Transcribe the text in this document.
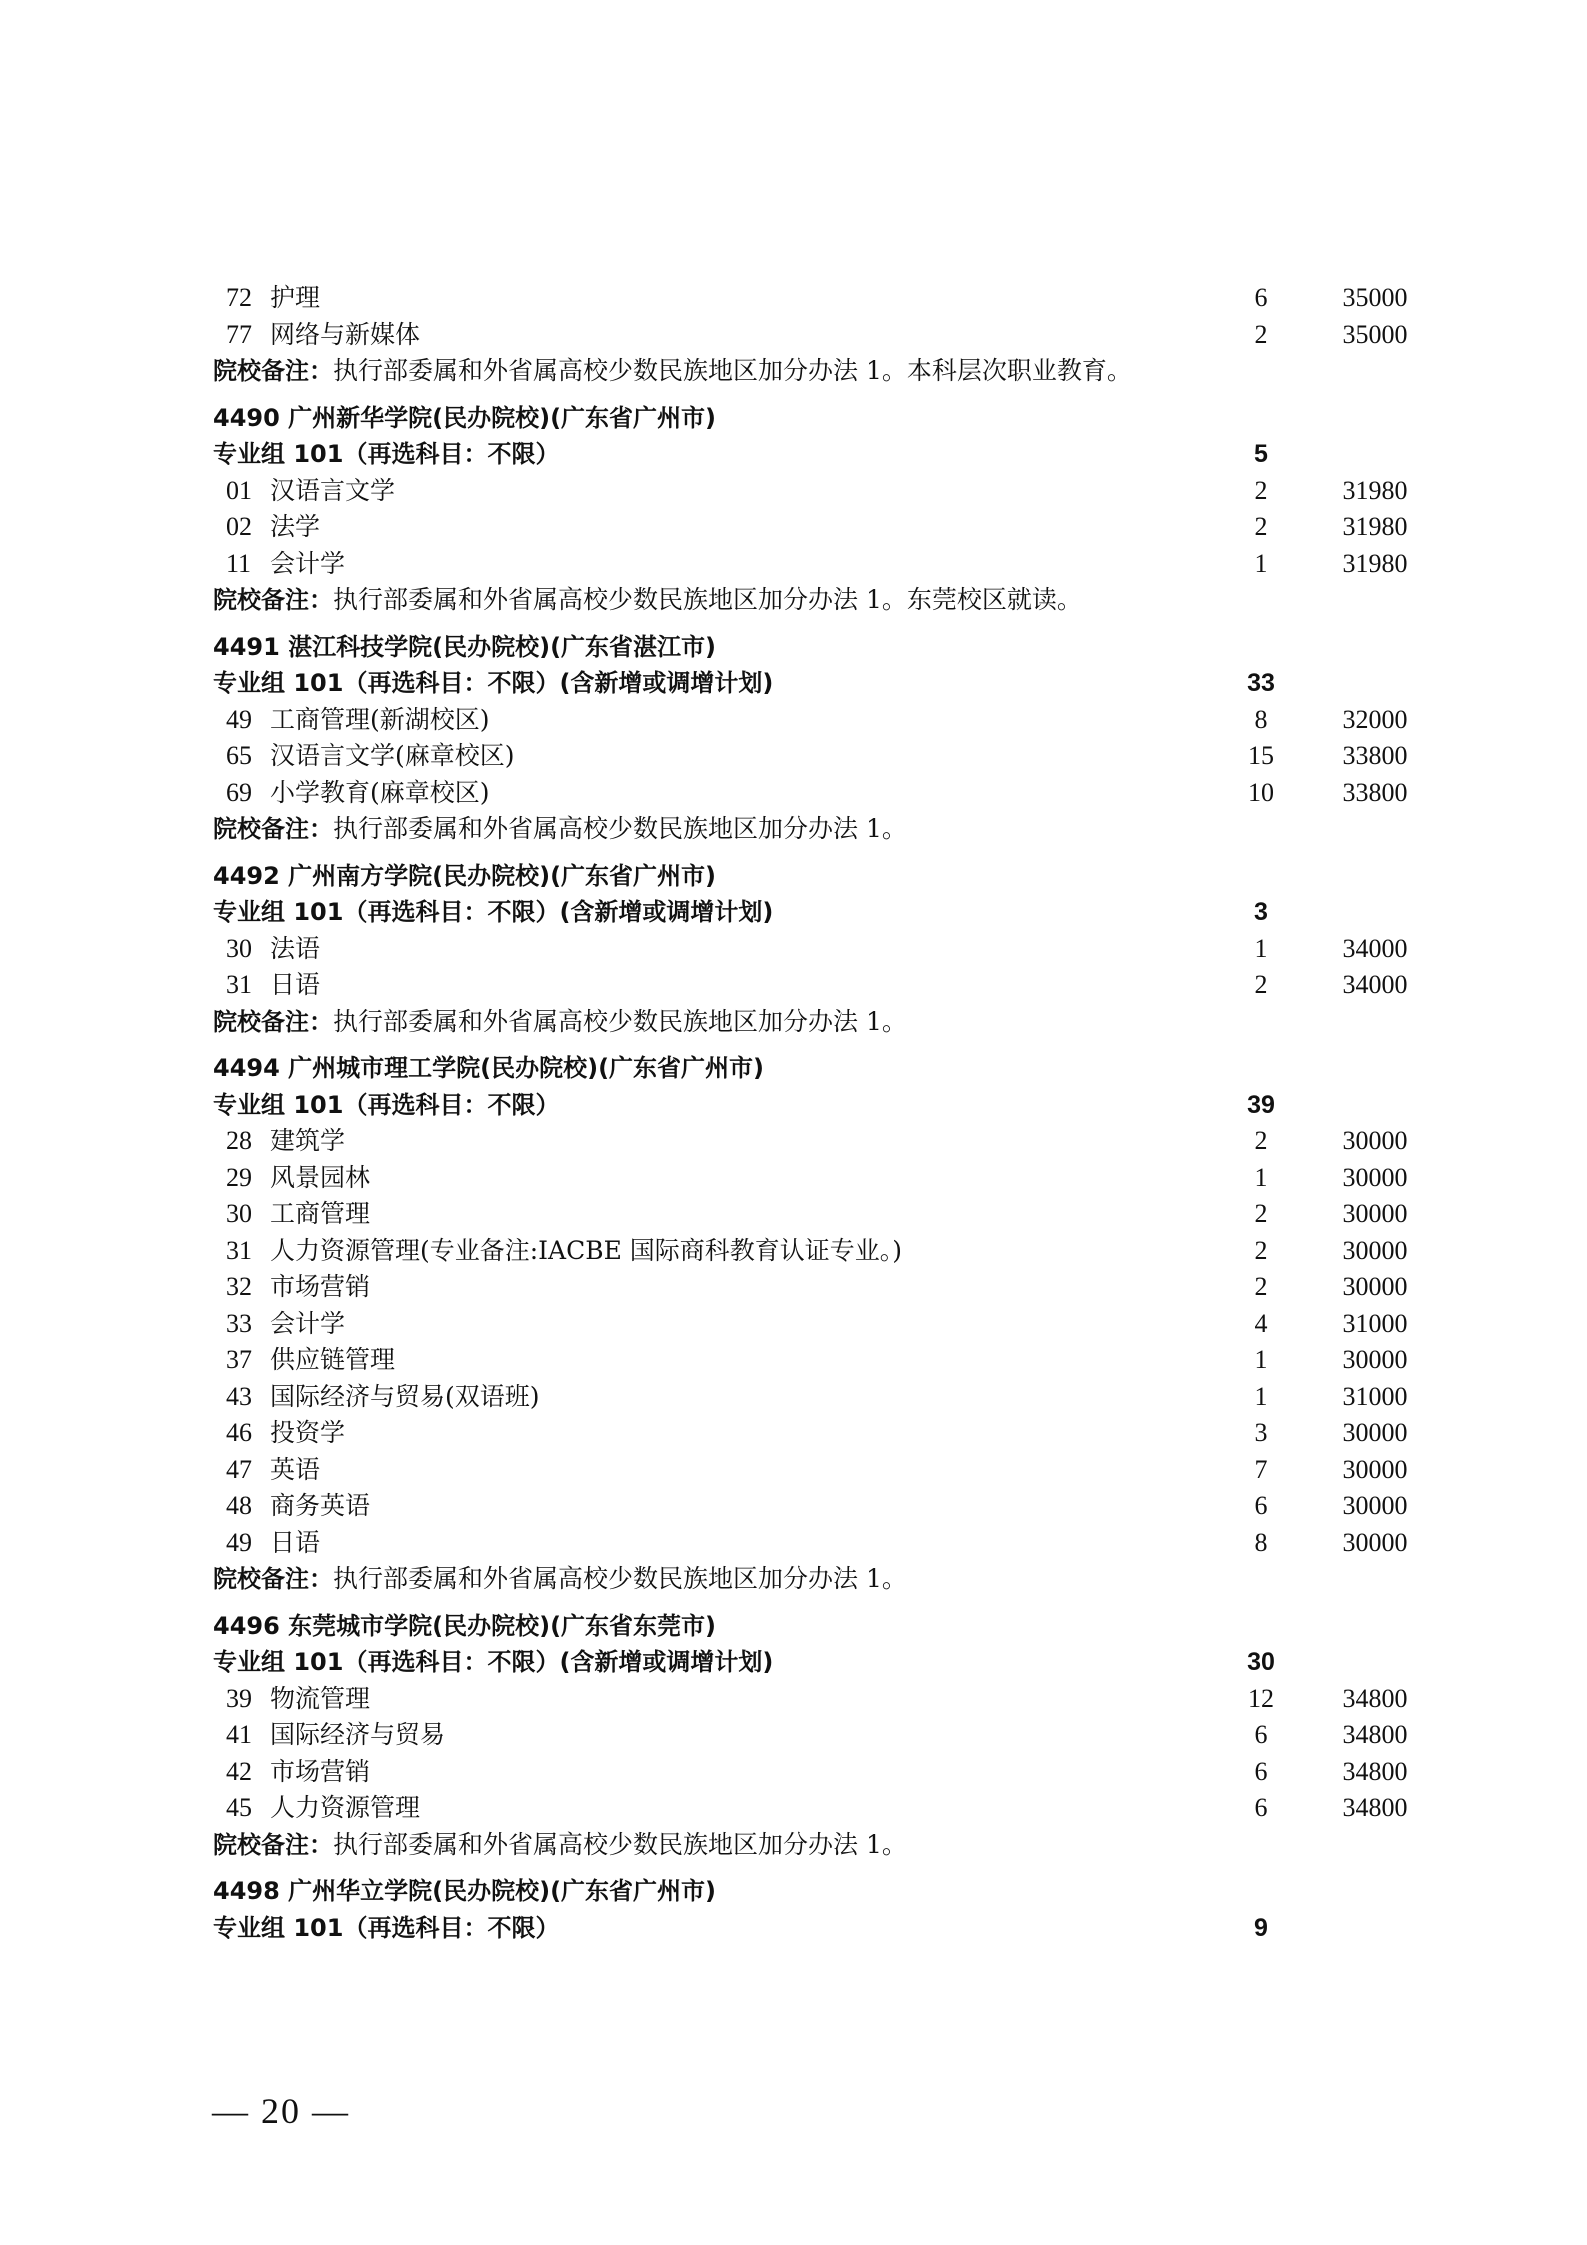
72 护理	6	35000
77 网络与新媒体	2	35000
院校备注：执行部委属和外省属高校少数民族地区加分办法 1。本科层次职业教育。
4490 广州新华学院(民办院校)(广东省广州市)
专业组 101（再选科目：不限）	5
01 汉语言文学	2	31980
02 法学	2	31980
11 会计学	1	31980
院校备注：执行部委属和外省属高校少数民族地区加分办法 1。东莞校区就读。
4491 湛江科技学院(民办院校)(广东省湛江市)
专业组 101（再选科目：不限）(含新增或调增计划)	33
49 工商管理(新湖校区)	8	32000
65 汉语言文学(麻章校区)	15	33800
69 小学教育(麻章校区)	10	33800
院校备注：执行部委属和外省属高校少数民族地区加分办法 1。
4492 广州南方学院(民办院校)(广东省广州市)
专业组 101（再选科目：不限）(含新增或调增计划)	3
30 法语	1	34000
31 日语	2	34000
院校备注：执行部委属和外省属高校少数民族地区加分办法 1。
4494 广州城市理工学院(民办院校)(广东省广州市)
专业组 101（再选科目：不限）	39
28 建筑学	2	30000
29 风景园林	1	30000
30 工商管理	2	30000
31 人力资源管理(专业备注:IACBE 国际商科教育认证专业。)	2	30000
32 市场营销	2	30000
33 会计学	4	31000
37 供应链管理	1	30000
43 国际经济与贸易(双语班)	1	31000
46 投资学	3	30000
47 英语	7	30000
48 商务英语	6	30000
49 日语	8	30000
院校备注：执行部委属和外省属高校少数民族地区加分办法 1。
4496 东莞城市学院(民办院校)(广东省东莞市)
专业组 101（再选科目：不限）(含新增或调增计划)	30
39 物流管理	12	34800
41 国际经济与贸易	6	34800
42 市场营销	6	34800
45 人力资源管理	6	34800
院校备注：执行部委属和外省属高校少数民族地区加分办法 1。
4498 广州华立学院(民办院校)(广东省广州市)
专业组 101（再选科目：不限）	9
— 20 —
